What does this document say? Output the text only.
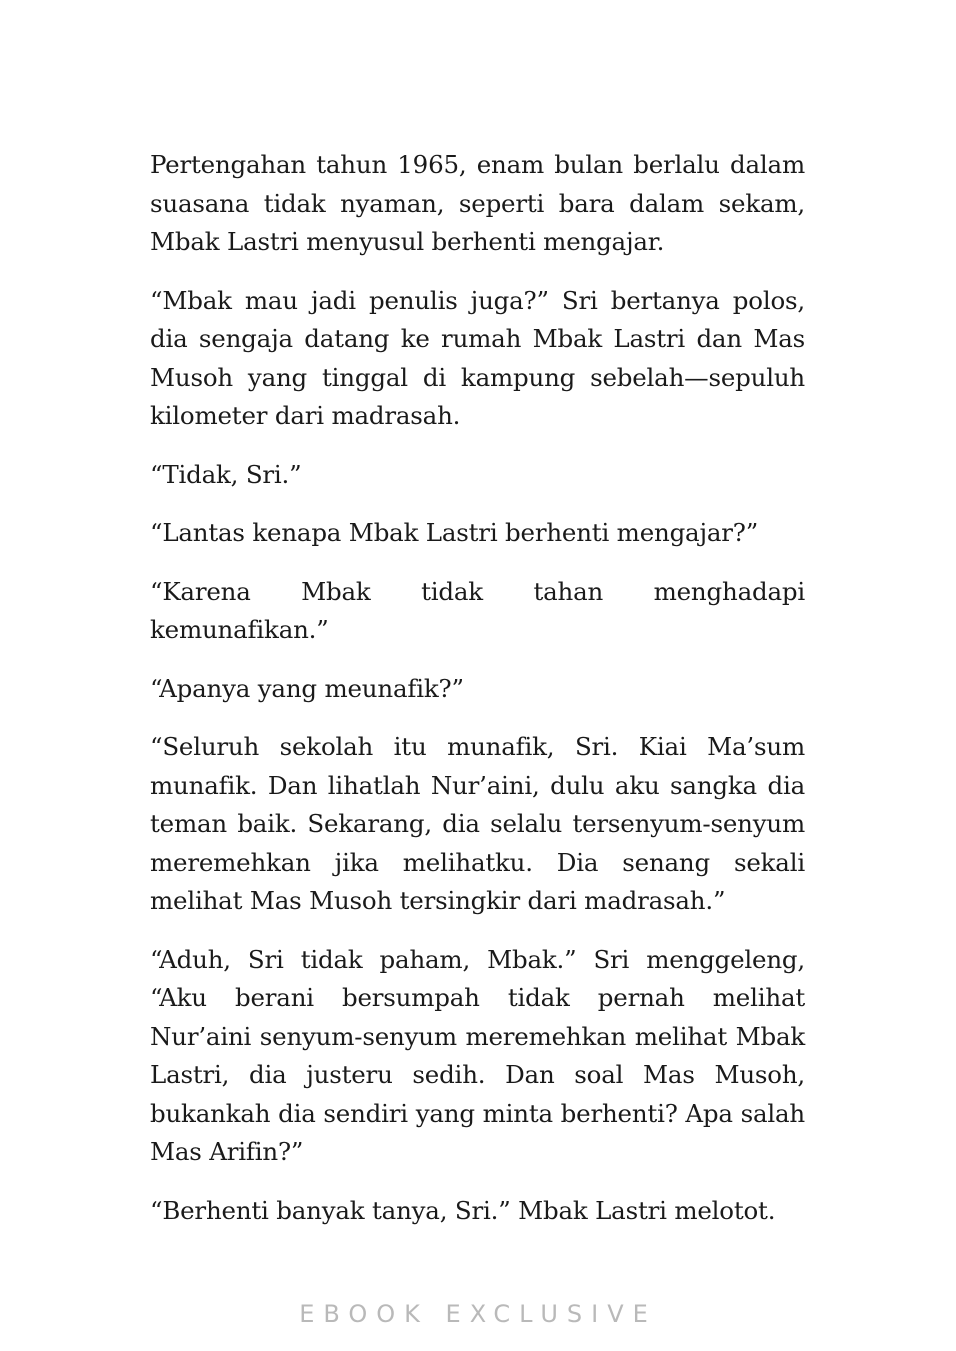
Pertengahan tahun 1965, enam bulan berlalu dalam suasana tidak nyaman, seperti bara dalam sekam, Mbak Lastri menyusul berhenti mengajar.

“Mbak mau jadi penulis juga?” Sri bertanya polos, dia sengaja datang ke rumah Mbak Lastri dan Mas Musoh yang tinggal di kampung sebelah—sepuluh kilometer dari madrasah.

“Tidak, Sri.”

“Lantas kenapa Mbak Lastri berhenti mengajar?”

“Karena Mbak tidak tahan menghadapi kemunafikan.”

“Apanya yang meunafik?”

“Seluruh sekolah itu munafik, Sri. Kiai Ma’sum munafik. Dan lihatlah Nur’aini, dulu aku sangka dia teman baik. Sekarang, dia selalu tersenyum-senyum meremehkan jika melihatku. Dia senang sekali melihat Mas Musoh tersingkir dari madrasah.”

“Aduh, Sri tidak paham, Mbak.” Sri menggeleng, “Aku berani bersumpah tidak pernah melihat Nur’aini senyum-senyum meremehkan melihat Mbak Lastri, dia justeru sedih. Dan soal Mas Musoh, bukankah dia sendiri yang minta berhenti? Apa salah Mas Arifin?”

“Berhenti banyak tanya, Sri.” Mbak Lastri melotot.

EBOOK EXCLUSIVE
